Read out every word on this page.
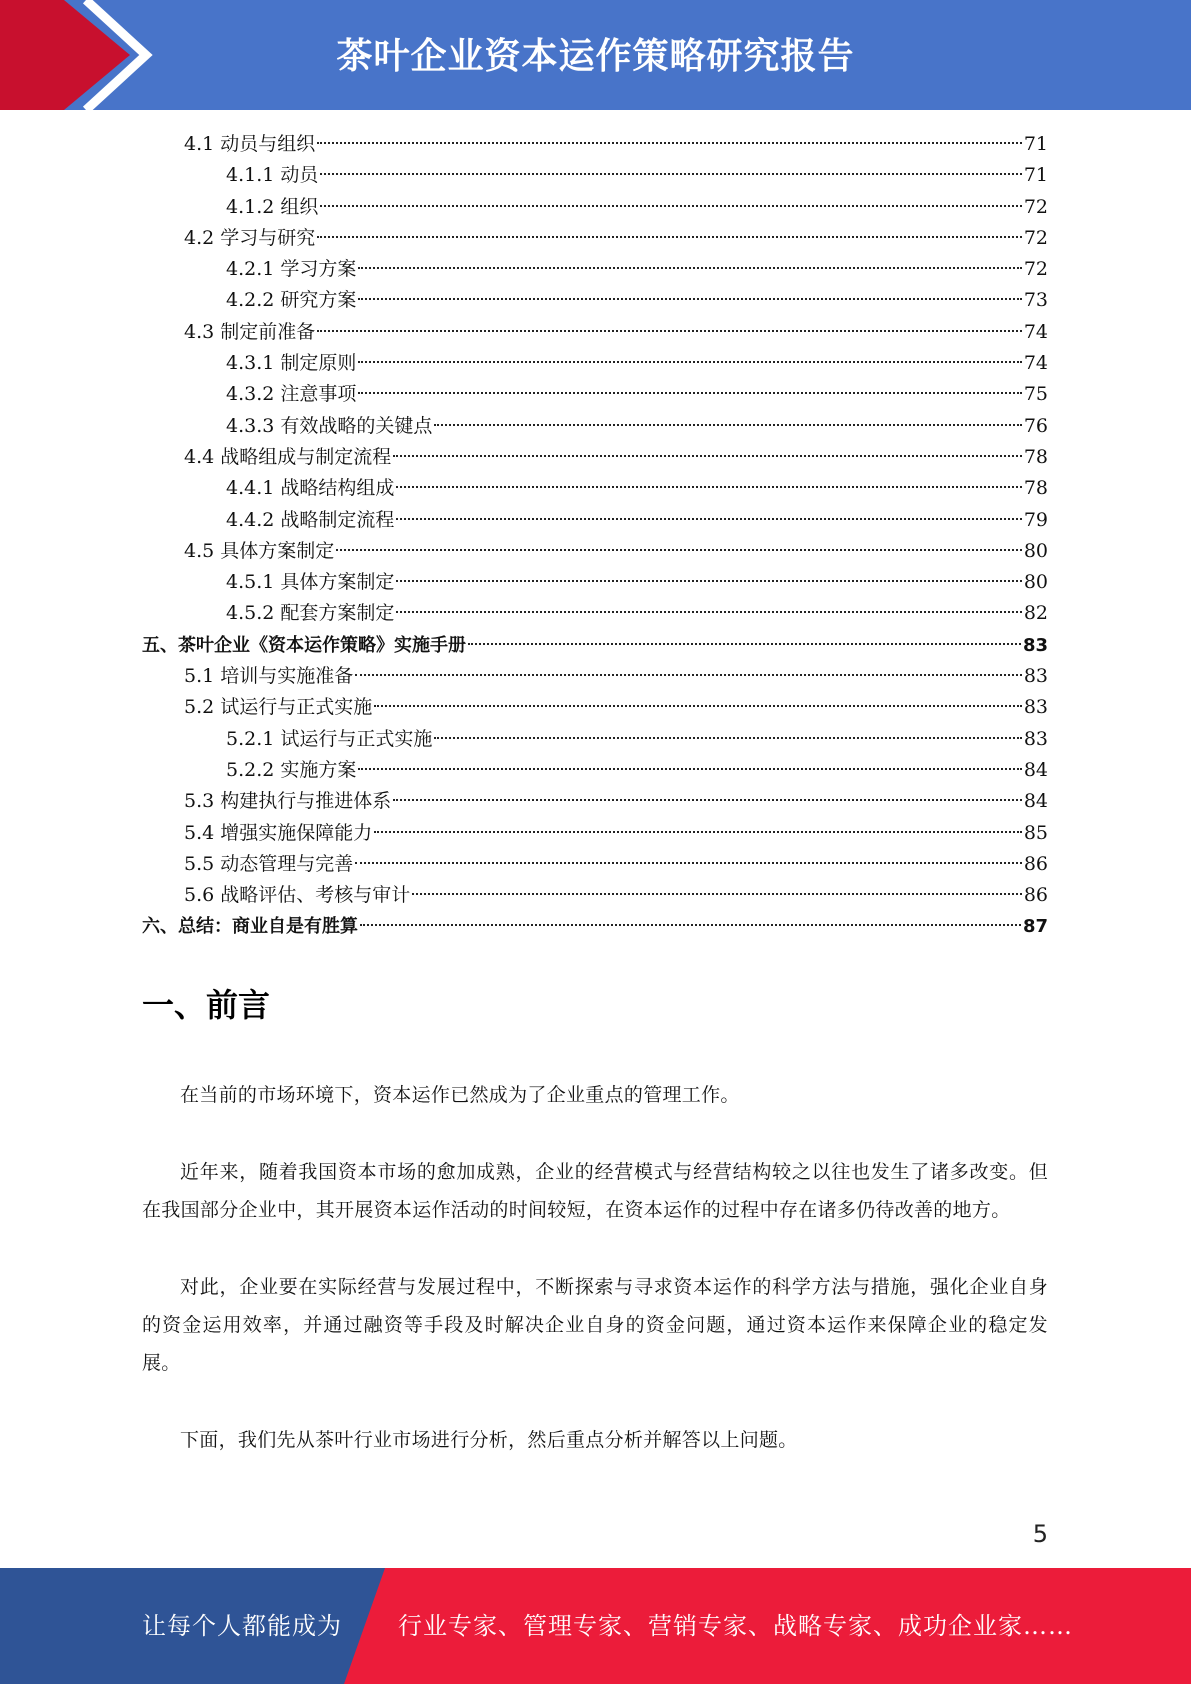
茶叶企业资本运作策略研究报告
4.1 动员与组织	71
4.1.1 动员	71
4.1.2 组织	72
4.2 学习与研究	72
4.2.1 学习方案	72
4.2.2 研究方案	73
4.3 制定前准备	74
4.3.1 制定原则	74
4.3.2 注意事项	75
4.3.3 有效战略的关键点	76
4.4 战略组成与制定流程	78
4.4.1 战略结构组成	78
4.4.2 战略制定流程	79
4.5 具体方案制定	80
4.5.1 具体方案制定	80
4.5.2 配套方案制定	82
五、茶叶企业《资本运作策略》实施手册	83
5.1 培训与实施准备	83
5.2 试运行与正式实施	83
5.2.1 试运行与正式实施	83
5.2.2 实施方案	84
5.3 构建执行与推进体系	84
5.4 增强实施保障能力	85
5.5 动态管理与完善	86
5.6 战略评估、考核与审计	86
六、总结：商业自是有胜算	87
一、前言

在当前的市场环境下，资本运作已然成为了企业重点的管理工作。

近年来，随着我国资本市场的愈加成熟，企业的经营模式与经营结构较之以往也发生了诸多改变。但在我国部分企业中，其开展资本运作活动的时间较短，在资本运作的过程中存在诸多仍待改善的地方。

对此，企业要在实际经营与发展过程中，不断探索与寻求资本运作的科学方法与措施，强化企业自身的资金运用效率，并通过融资等手段及时解决企业自身的资金问题，通过资本运作来保障企业的稳定发展。

下面，我们先从茶叶行业市场进行分析，然后重点分析并解答以上问题。

5
让每个人都能成为 行业专家、管理专家、营销专家、战略专家、成功企业家……
